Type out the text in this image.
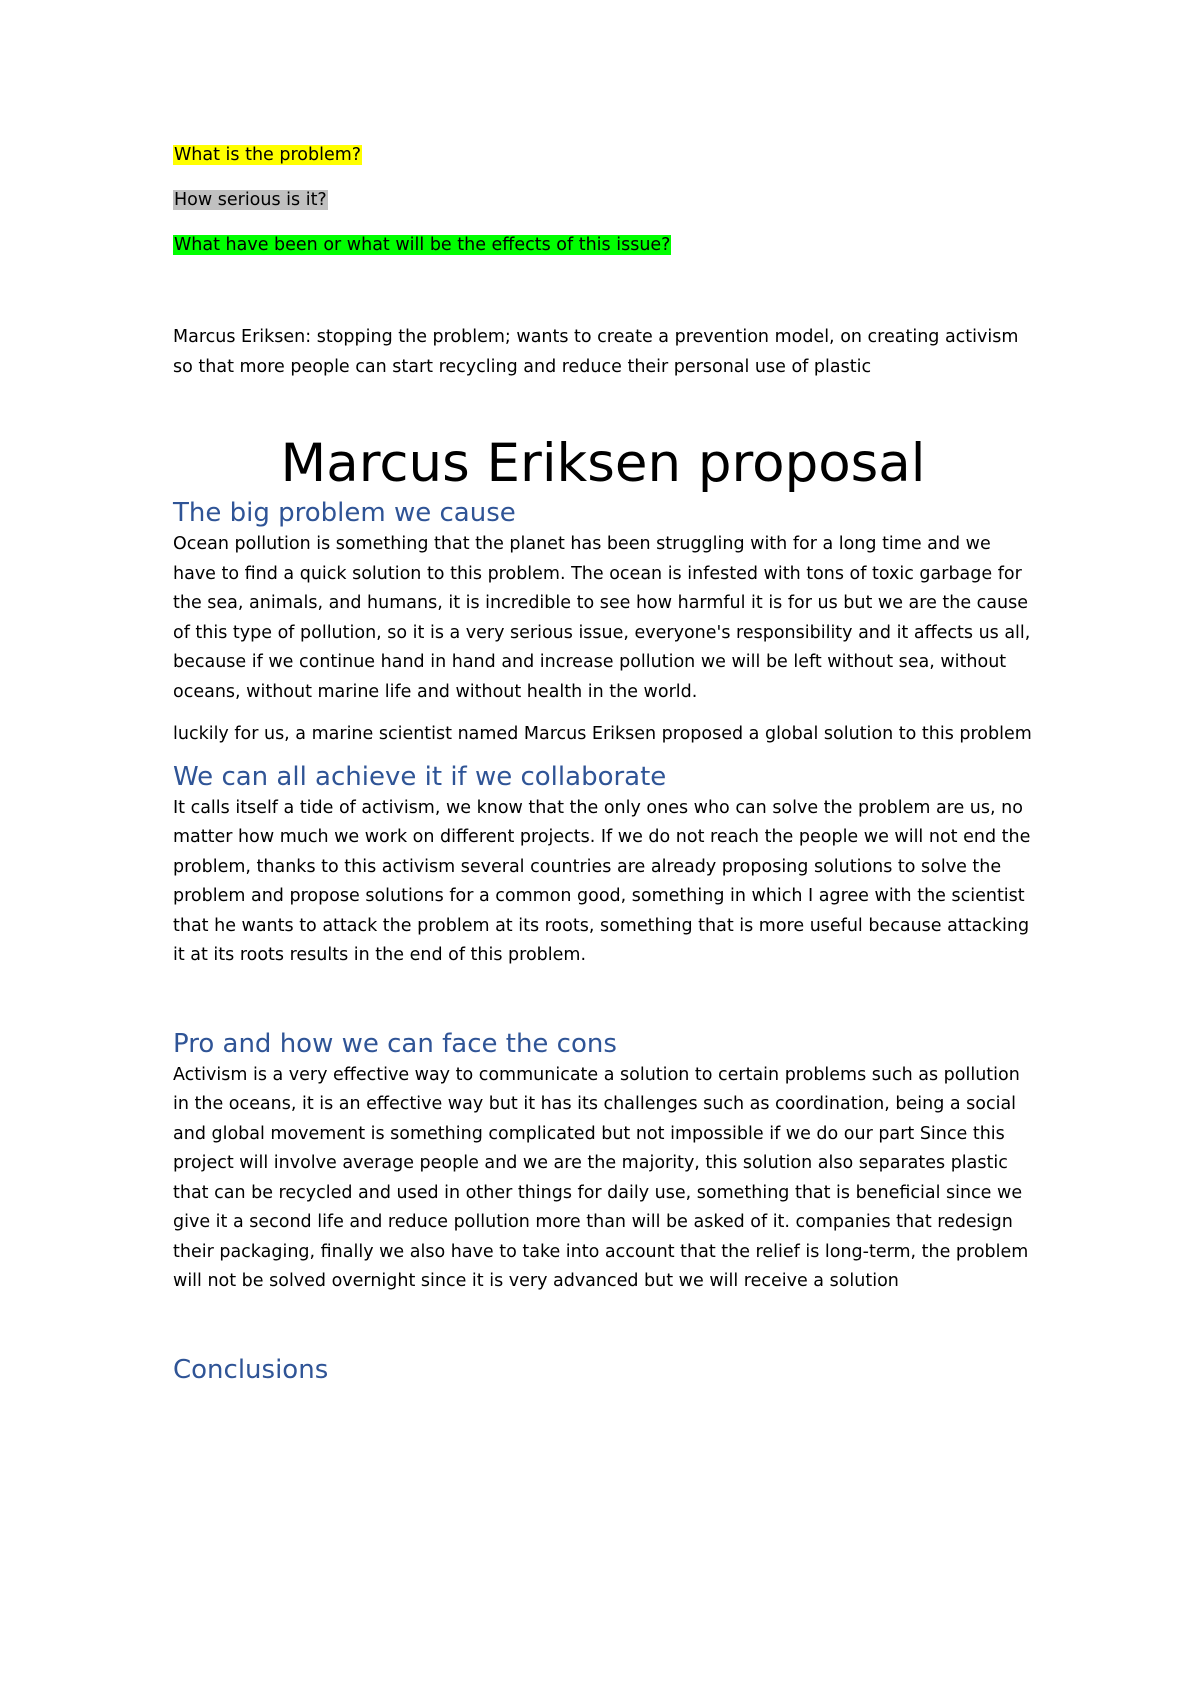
What is the problem?

How serious is it?

What have been or what will be the effects of this issue?

Marcus Eriksen: stopping the problem; wants to create a prevention model, on creating activism so that more people can start recycling and reduce their personal use of plastic

Marcus Eriksen proposal
The big problem we cause

Ocean pollution is something that the planet has been struggling with for a long time and we have to find a quick solution to this problem. The ocean is infested with tons of toxic garbage for the sea, animals, and humans, it is incredible to see how harmful it is for us but we are the cause of this type of pollution, so it is a very serious issue, everyone's responsibility and it affects us all, because if we continue hand in hand and increase pollution we will be left without sea, without oceans, without marine life and without health in the world.

luckily for us, a marine scientist named Marcus Eriksen proposed a global solution to this problem

We can all achieve it if we collaborate

It calls itself a tide of activism, we know that the only ones who can solve the problem are us, no matter how much we work on different projects. If we do not reach the people we will not end the problem, thanks to this activism several countries are already proposing solutions to solve the problem and propose solutions for a common good, something in which I agree with the scientist that he wants to attack the problem at its roots, something that is more useful because attacking it at its roots results in the end of this problem.

Pro and how we can face the cons

Activism is a very effective way to communicate a solution to certain problems such as pollution in the oceans, it is an effective way but it has its challenges such as coordination, being a social and global movement is something complicated but not impossible if we do our part Since this project will involve average people and we are the majority, this solution also separates plastic that can be recycled and used in other things for daily use, something that is beneficial since we give it a second life and reduce pollution more than will be asked of it. companies that redesign their packaging, finally we also have to take into account that the relief is long-term, the problem will not be solved overnight since it is very advanced but we will receive a solution

Conclusions
